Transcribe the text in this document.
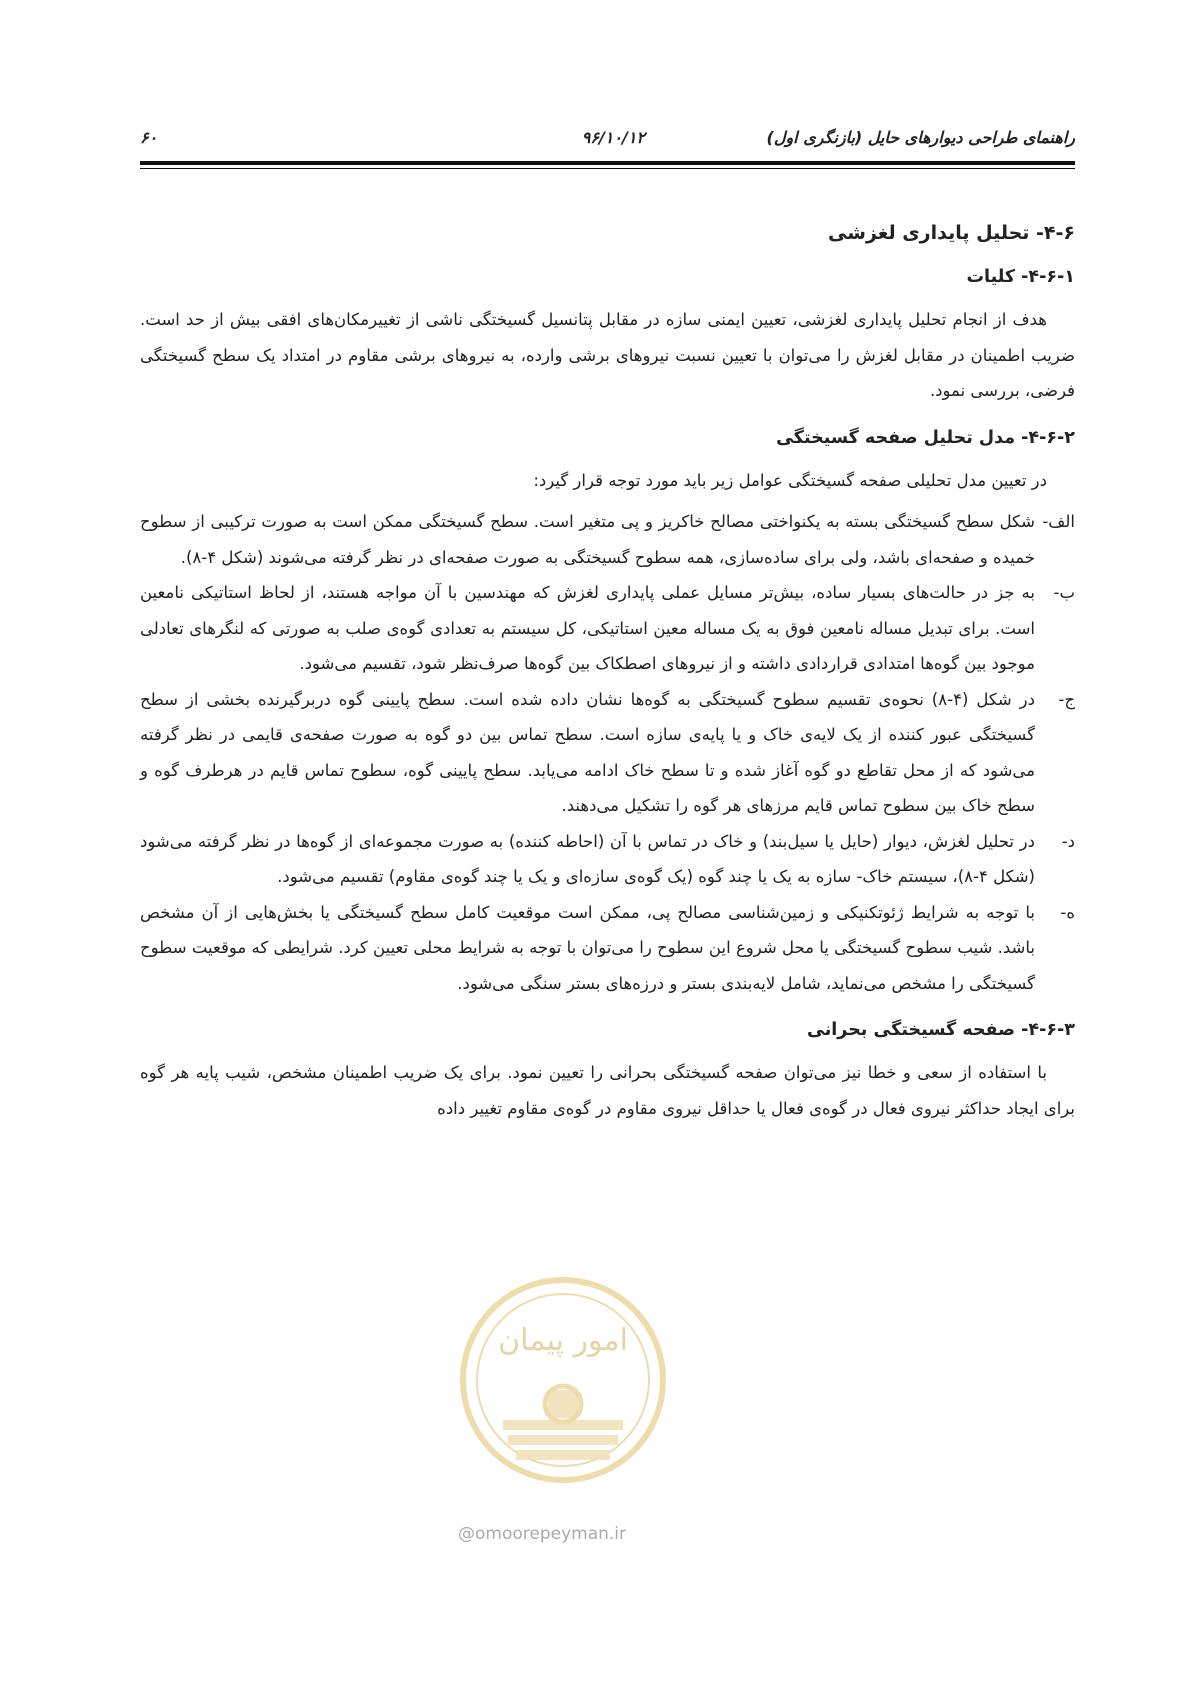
راهنمای طراحی دیوارهای حایل (بازنگری اول)
۹۶/۱۰/۱۲
۶۰
۴-۶- تحلیل پایداری لغزشی
۴-۶-۱- کلیات

هدف از انجام تحلیل پایداری لغزشی، تعیین ایمنی سازه در مقابل پتانسیل گسیختگی ناشی از تغییرمکان‌های افقی بیش از حد است. ضریب اطمینان در مقابل لغزش را می‌توان با تعیین نسبت نیروهای برشی وارده، به نیروهای برشی مقاوم در امتداد یک سطح گسیختگی فرضی، بررسی نمود.

۴-۶-۲- مدل تحلیل صفحه گسیختگی

در تعیین مدل تحلیلی صفحه گسیختگی عوامل زیر باید مورد توجه قرار گیرد:

الف-
شکل سطح گسیختگی بسته به یکنواختی مصالح خاکریز و پی متغیر است. سطح گسیختگی ممکن است به صورت ترکیبی از سطوح خمیده و صفحه‌ای باشد، ولی برای ساده‌سازی، همه سطوح گسیختگی به صورت صفحه‌ای در نظر گرفته می‌شوند (شکل ۴-۸).
ب-
به جز در حالت‌های بسیار ساده، بیش‌تر مسایل عملی پایداری لغزش که مهندسین با آن مواجه هستند، از لحاظ استاتیکی نامعین است. برای تبدیل مساله نامعین فوق به یک مساله معین استاتیکی، کل سیستم به تعدادی گوه‌ی صلب به صورتی که لنگرهای تعادلی موجود بین گوه‌ها امتدادی قراردادی داشته و از نیروهای اصطکاک بین گوه‌ها صرف‌نظر شود، تقسیم می‌شود.
ج-
در شکل (۴-۸) نحوه‌ی تقسیم سطوح گسیختگی به گوه‌ها نشان داده شده است. سطح پایینی گوه دربرگیرنده بخشی از سطح گسیختگی عبور کننده از یک لایه‌ی خاک و یا پایه‌ی سازه است. سطح تماس بین دو گوه به صورت صفحه‌ی قایمی در نظر گرفته می‌شود که از محل تقاطع دو گوه آغاز شده و تا سطح خاک ادامه می‌یابد. سطح پایینی گوه، سطوح تماس قایم در هرطرف گوه و سطح خاک بین سطوح تماس قایم مرزهای هر گوه را تشکیل می‌دهند.
د-
در تحلیل لغزش، دیوار (حایل یا سیل‌بند) و خاک در تماس با آن (احاطه کننده) به صورت مجموعه‌ای از گوه‌ها در نظر گرفته می‌شود (شکل ۴-۸)، سیستم خاک- سازه به یک یا چند گوه (یک گوه‌ی سازه‌ای و یک یا چند گوه‌ی مقاوم) تقسیم می‌شود.
ه-
با توجه به شرایط ژئوتکنیکی و زمین‌شناسی مصالح پی، ممکن است موقعیت کامل سطح گسیختگی یا بخش‌هایی از آن مشخص باشد. شیب سطوح گسیختگی یا محل شروع این سطوح را می‌توان با توجه به شرایط محلی تعیین کرد. شرایطی که موقعیت سطوح گسیختگی را مشخص می‌نماید، شامل لایه‌بندی بستر و درزه‌های بستر سنگی می‌شود.
۴-۶-۳- صفحه گسیختگی بحرانی

با استفاده از سعی و خطا نیز می‌توان صفحه گسیختگی بحرانی را تعیین نمود. برای یک ضریب اطمینان مشخص، شیب پایه هر گوه برای ایجاد حداکثر نیروی فعال در گوه‌ی فعال یا حداقل نیروی مقاوم در گوه‌ی مقاوم تغییر داده

امور پیمان
@omoorepeyman.ir
